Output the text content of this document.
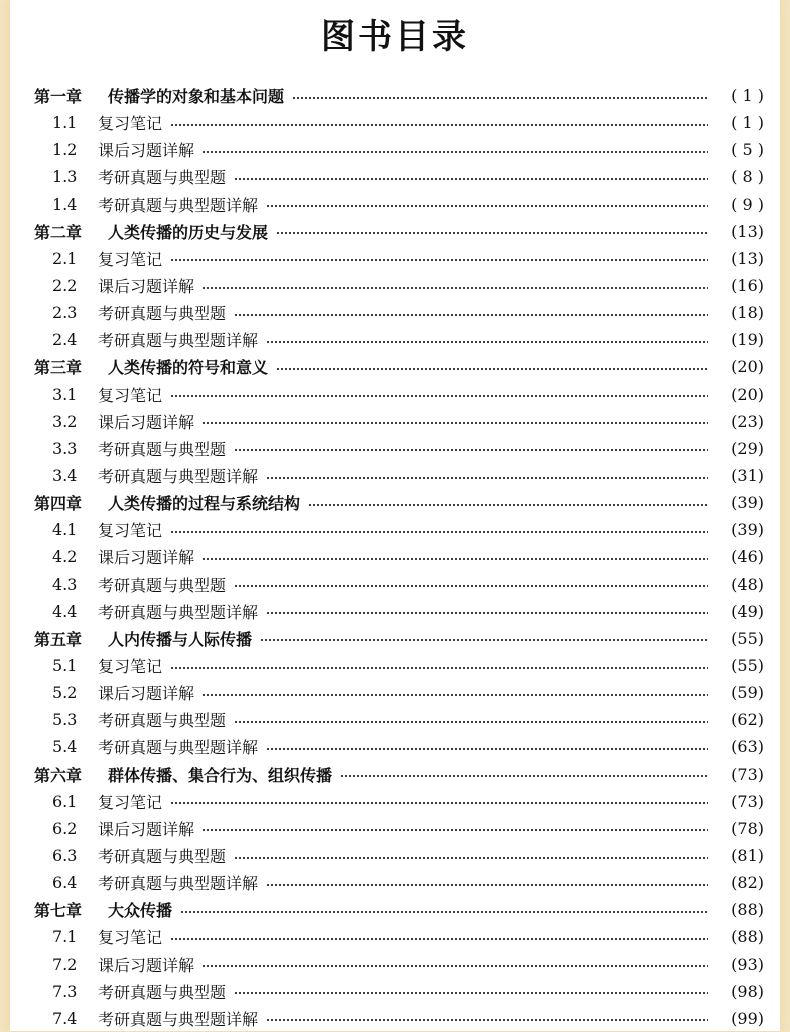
图书目录
第一章	传播学的对象和基本问题	( 1 )
1.1	复习笔记	( 1 )
1.2	课后习题详解	( 5 )
1.3	考研真题与典型题	( 8 )
1.4	考研真题与典型题详解	( 9 )
第二章	人类传播的历史与发展	(13)
2.1	复习笔记	(13)
2.2	课后习题详解	(16)
2.3	考研真题与典型题	(18)
2.4	考研真题与典型题详解	(19)
第三章	人类传播的符号和意义	(20)
3.1	复习笔记	(20)
3.2	课后习题详解	(23)
3.3	考研真题与典型题	(29)
3.4	考研真题与典型题详解	(31)
第四章	人类传播的过程与系统结构	(39)
4.1	复习笔记	(39)
4.2	课后习题详解	(46)
4.3	考研真题与典型题	(48)
4.4	考研真题与典型题详解	(49)
第五章	人内传播与人际传播	(55)
5.1	复习笔记	(55)
5.2	课后习题详解	(59)
5.3	考研真题与典型题	(62)
5.4	考研真题与典型题详解	(63)
第六章	群体传播、集合行为、组织传播	(73)
6.1	复习笔记	(73)
6.2	课后习题详解	(78)
6.3	考研真题与典型题	(81)
6.4	考研真题与典型题详解	(82)
第七章	大众传播	(88)
7.1	复习笔记	(88)
7.2	课后习题详解	(93)
7.3	考研真题与典型题	(98)
7.4	考研真题与典型题详解	(99)
